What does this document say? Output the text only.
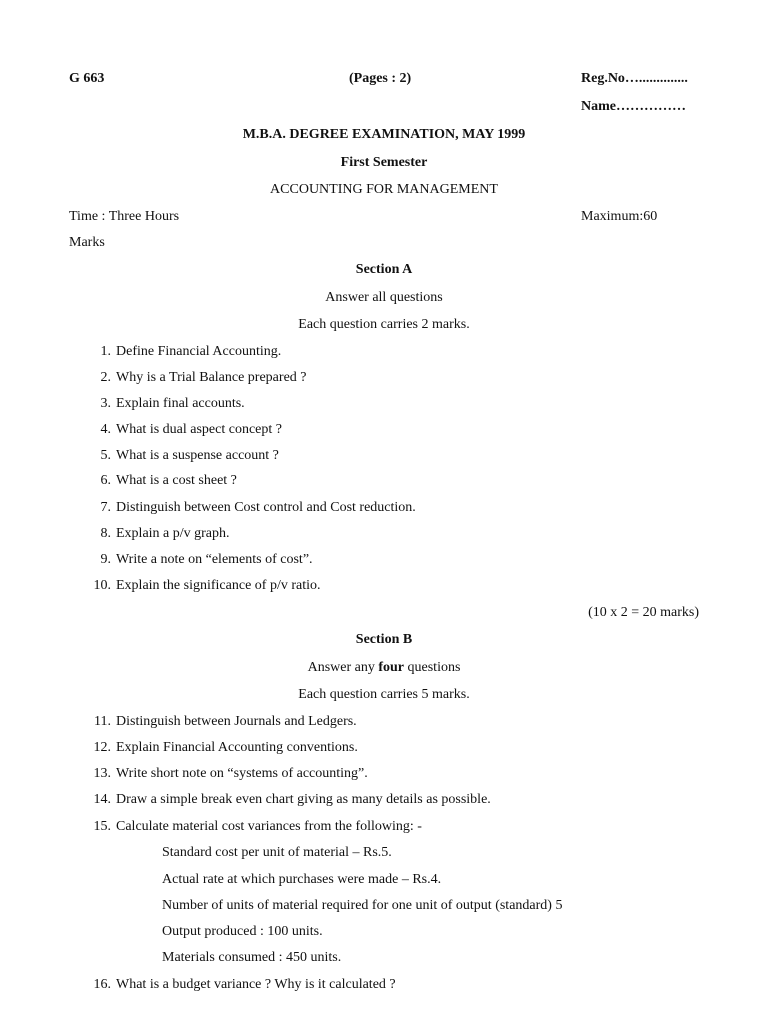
G 663	(Pages : 2)	Reg.No…..............
Name……………
M.B.A. DEGREE EXAMINATION, MAY 1999
First Semester
ACCOUNTING FOR MANAGEMENT
Time : Three Hours	Maximum:60
Marks
Section A
Answer all questions
Each question carries 2 marks.
1. Define Financial Accounting.
2. Why is a Trial Balance prepared ?
3. Explain final accounts.
4. What is dual aspect concept ?
5. What is a suspense account ?
6. What is a cost sheet ?
7. Distinguish between Cost control and Cost reduction.
8. Explain a p/v graph.
9. Write a note on “elements of cost”.
10. Explain the significance of p/v ratio.
(10 x 2 = 20 marks)
Section B
Answer any four questions
Each question carries 5 marks.
11. Distinguish between Journals and Ledgers.
12. Explain Financial Accounting conventions.
13. Write short note on “systems of accounting”.
14. Draw a simple break even chart giving as many details as possible.
15. Calculate material cost variances from the following: -
Standard cost per unit of material – Rs.5.
Actual rate at which purchases were made – Rs.4.
Number of units of material required for one unit of output (standard) 5
Output produced : 100 units.
Materials consumed : 450 units.
16. What is a budget variance ? Why is it calculated ?
